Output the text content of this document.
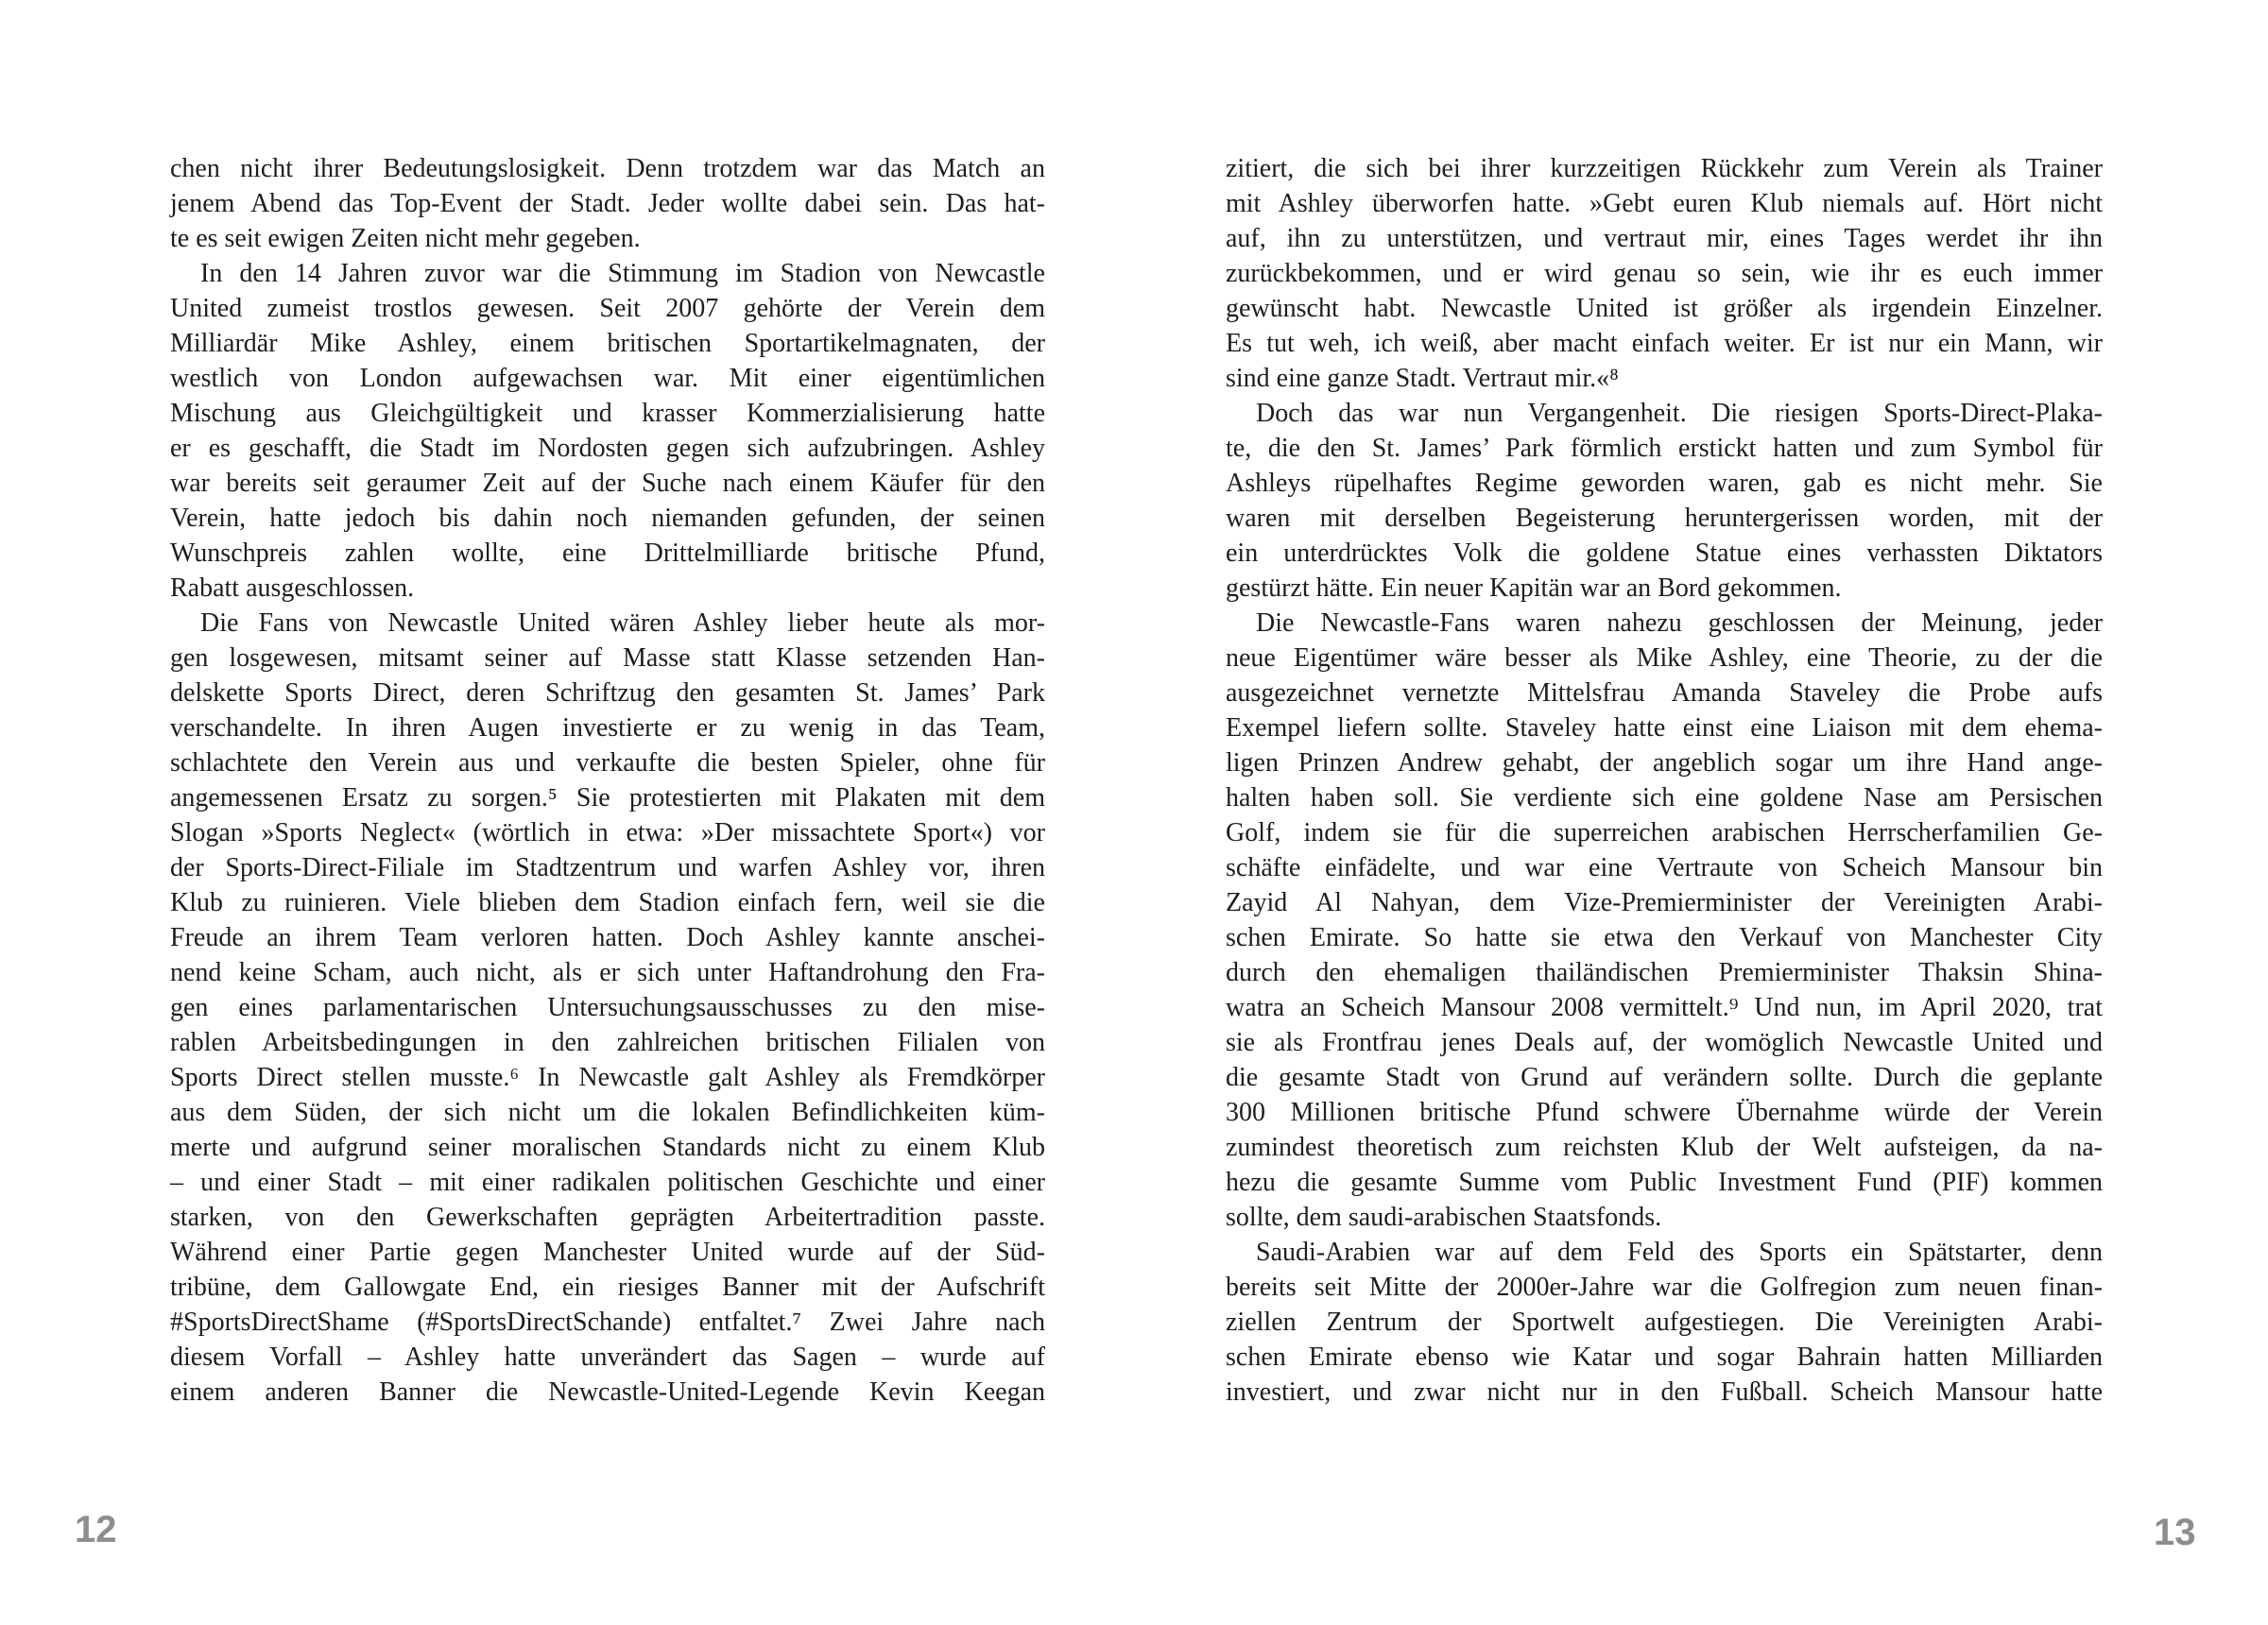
chen nicht ihrer Bedeutungslosigkeit. Denn trotzdem war das Match an
jenem Abend das Top-Event der Stadt. Jeder wollte dabei sein. Das hat-
te es seit ewigen Zeiten nicht mehr gegeben.
In den 14 Jahren zuvor war die Stimmung im Stadion von Newcastle
United zumeist trostlos gewesen. Seit 2007 gehörte der Verein dem
Milliardär Mike Ashley, einem britischen Sportartikelmagnaten, der
westlich von London aufgewachsen war. Mit einer eigentümlichen
Mischung aus Gleichgültigkeit und krasser Kommerzialisierung hatte
er es geschafft, die Stadt im Nordosten gegen sich aufzubringen. Ashley
war bereits seit geraumer Zeit auf der Suche nach einem Käufer für den
Verein, hatte jedoch bis dahin noch niemanden gefunden, der seinen
Wunschpreis zahlen wollte, eine Drittelmilliarde britische Pfund,
Rabatt ausgeschlossen.
Die Fans von Newcastle United wären Ashley lieber heute als mor-
gen losgewesen, mitsamt seiner auf Masse statt Klasse setzenden Han-
delskette Sports Direct, deren Schriftzug den gesamten St. James’ Park
verschandelte. In ihren Augen investierte er zu wenig in das Team,
schlachtete den Verein aus und verkaufte die besten Spieler, ohne für
angemessenen Ersatz zu sorgen.⁵ Sie protestierten mit Plakaten mit dem
Slogan »Sports Neglect« (wörtlich in etwa: »Der missachtete Sport«) vor
der Sports-Direct-Filiale im Stadtzentrum und warfen Ashley vor, ihren
Klub zu ruinieren. Viele blieben dem Stadion einfach fern, weil sie die
Freude an ihrem Team verloren hatten. Doch Ashley kannte anschei-
nend keine Scham, auch nicht, als er sich unter Haftandrohung den Fra-
gen eines parlamentarischen Untersuchungsausschusses zu den mise-
rablen Arbeitsbedingungen in den zahlreichen britischen Filialen von
Sports Direct stellen musste.⁶ In Newcastle galt Ashley als Fremdkörper
aus dem Süden, der sich nicht um die lokalen Befindlichkeiten küm-
merte und aufgrund seiner moralischen Standards nicht zu einem Klub
– und einer Stadt – mit einer radikalen politischen Geschichte und einer
starken, von den Gewerkschaften geprägten Arbeitertradition passte.
Während einer Partie gegen Manchester United wurde auf der Süd-
tribüne, dem Gallowgate End, ein riesiges Banner mit der Aufschrift
#SportsDirectShame (#SportsDirectSchande) entfaltet.⁷ Zwei Jahre nach
diesem Vorfall – Ashley hatte unverändert das Sagen – wurde auf
einem anderen Banner die Newcastle-United-Legende Kevin Keegan
zitiert, die sich bei ihrer kurzzeitigen Rückkehr zum Verein als Trainer
mit Ashley überworfen hatte. »Gebt euren Klub niemals auf. Hört nicht
auf, ihn zu unterstützen, und vertraut mir, eines Tages werdet ihr ihn
zurückbekommen, und er wird genau so sein, wie ihr es euch immer
gewünscht habt. Newcastle United ist größer als irgendein Einzelner.
Es tut weh, ich weiß, aber macht einfach weiter. Er ist nur ein Mann, wir
sind eine ganze Stadt. Vertraut mir.«⁸
Doch das war nun Vergangenheit. Die riesigen Sports-Direct-Plaka-
te, die den St. James’ Park förmlich erstickt hatten und zum Symbol für
Ashleys rüpelhaftes Regime geworden waren, gab es nicht mehr. Sie
waren mit derselben Begeisterung heruntergerissen worden, mit der
ein unterdrücktes Volk die goldene Statue eines verhassten Diktators
gestürzt hätte. Ein neuer Kapitän war an Bord gekommen.
Die Newcastle-Fans waren nahezu geschlossen der Meinung, jeder
neue Eigentümer wäre besser als Mike Ashley, eine Theorie, zu der die
ausgezeichnet vernetzte Mittelsfrau Amanda Staveley die Probe aufs
Exempel liefern sollte. Staveley hatte einst eine Liaison mit dem ehema-
ligen Prinzen Andrew gehabt, der angeblich sogar um ihre Hand ange-
halten haben soll. Sie verdiente sich eine goldene Nase am Persischen
Golf, indem sie für die superreichen arabischen Herrscherfamilien Ge-
schäfte einfädelte, und war eine Vertraute von Scheich Mansour bin
Zayid Al Nahyan, dem Vize-Premierminister der Vereinigten Arabi-
schen Emirate. So hatte sie etwa den Verkauf von Manchester City
durch den ehemaligen thailändischen Premierminister Thaksin Shina-
watra an Scheich Mansour 2008 vermittelt.⁹ Und nun, im April 2020, trat
sie als Frontfrau jenes Deals auf, der womöglich Newcastle United und
die gesamte Stadt von Grund auf verändern sollte. Durch die geplante
300 Millionen britische Pfund schwere Übernahme würde der Verein
zumindest theoretisch zum reichsten Klub der Welt aufsteigen, da na-
hezu die gesamte Summe vom Public Investment Fund (PIF) kommen
sollte, dem saudi-arabischen Staatsfonds.
Saudi-Arabien war auf dem Feld des Sports ein Spätstarter, denn
bereits seit Mitte der 2000er-Jahre war die Golfregion zum neuen finan-
ziellen Zentrum der Sportwelt aufgestiegen. Die Vereinigten Arabi-
schen Emirate ebenso wie Katar und sogar Bahrain hatten Milliarden
investiert, und zwar nicht nur in den Fußball. Scheich Mansour hatte
12	13
